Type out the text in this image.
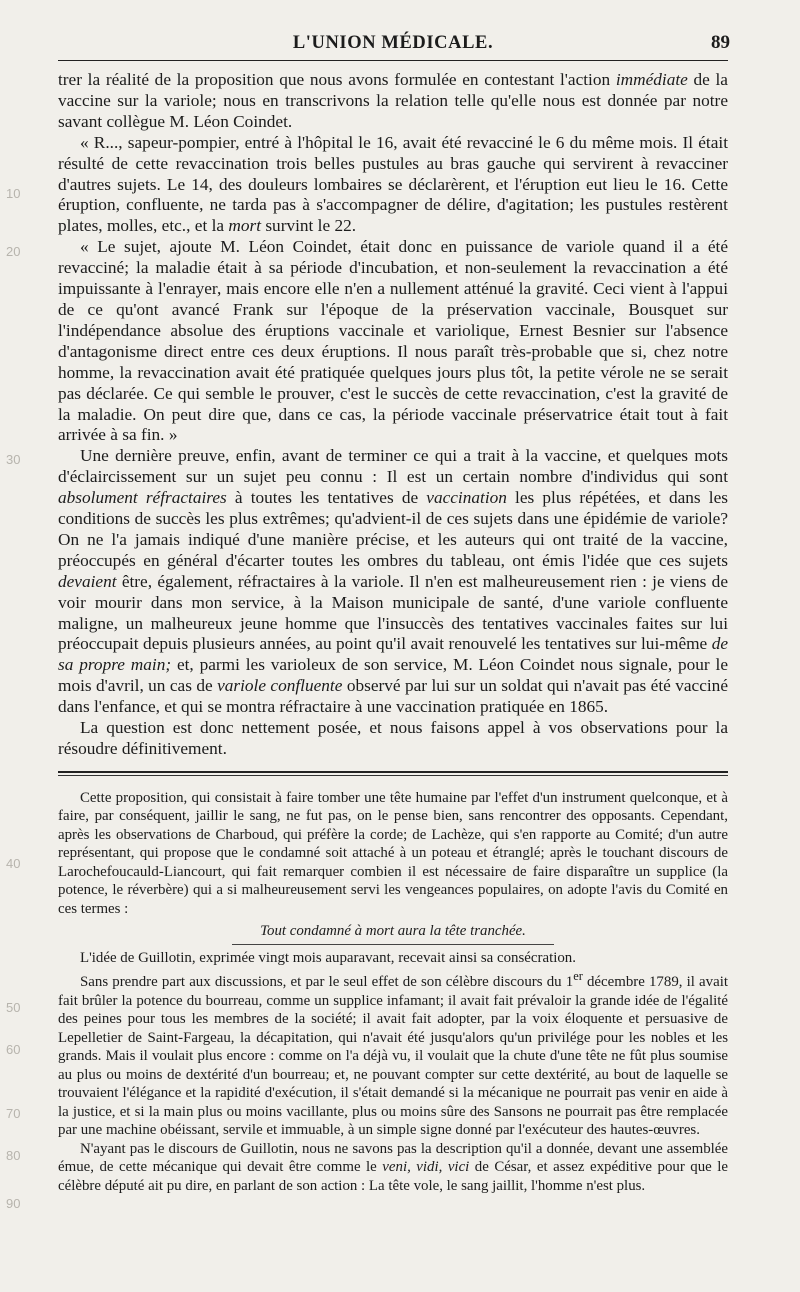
10
20
30
40
50
60
70
80
90
L'UNION MÉDICALE.	89

trer la réalité de la proposition que nous avons formulée en contestant l'action immédiate de la vaccine sur la variole; nous en transcrivons la relation telle qu'elle nous est donnée par notre savant collègue M. Léon Coindet.

« R..., sapeur-pompier, entré à l'hôpital le 16, avait été revacciné le 6 du même mois. Il était résulté de cette revaccination trois belles pustules au bras gauche qui servirent à revacciner d'autres sujets. Le 14, des douleurs lombaires se déclarèrent, et l'éruption eut lieu le 16. Cette éruption, confluente, ne tarda pas à s'accompagner de délire, d'agitation; les pustules restèrent plates, molles, etc., et la mort survint le 22.

« Le sujet, ajoute M. Léon Coindet, était donc en puissance de variole quand il a été revacciné; la maladie était à sa période d'incubation, et non-seulement la revaccination a été impuissante à l'enrayer, mais encore elle n'en a nullement atténué la gravité. Ceci vient à l'appui de ce qu'ont avancé Frank sur l'époque de la préservation vaccinale, Bousquet sur l'indépendance absolue des éruptions vaccinale et variolique, Ernest Besnier sur l'absence d'antagonisme direct entre ces deux éruptions. Il nous paraît très-probable que si, chez notre homme, la revaccination avait été pratiquée quelques jours plus tôt, la petite vérole ne se serait pas déclarée. Ce qui semble le prouver, c'est le succès de cette revaccination, c'est la gravité de la maladie. On peut dire que, dans ce cas, la période vaccinale préservatrice était tout à fait arrivée à sa fin. »

Une dernière preuve, enfin, avant de terminer ce qui a trait à la vaccine, et quelques mots d'éclaircissement sur un sujet peu connu : Il est un certain nombre d'individus qui sont absolument réfractaires à toutes les tentatives de vaccination les plus répétées, et dans les conditions de succès les plus extrêmes; qu'advient-il de ces sujets dans une épidémie de variole? On ne l'a jamais indiqué d'une manière précise, et les auteurs qui ont traité de la vaccine, préoccupés en général d'écarter toutes les ombres du tableau, ont émis l'idée que ces sujets devaient être, également, réfractaires à la variole. Il n'en est malheureusement rien : je viens de voir mourir dans mon service, à la Maison municipale de santé, d'une variole confluente maligne, un malheureux jeune homme que l'insuccès des tentatives vaccinales faites sur lui préoccupait depuis plusieurs années, au point qu'il avait renouvelé les tentatives sur lui-même de sa propre main; et, parmi les varioleux de son service, M. Léon Coindet nous signale, pour le mois d'avril, un cas de variole confluente observé par lui sur un soldat qui n'avait pas été vacciné dans l'enfance, et qui se montra réfractaire à une vaccination pratiquée en 1865.

La question est donc nettement posée, et nous faisons appel à vos observations pour la résoudre définitivement.

Cette proposition, qui consistait à faire tomber une tête humaine par l'effet d'un instrument quelconque, et à faire, par conséquent, jaillir le sang, ne fut pas, on le pense bien, sans rencontrer des opposants. Cependant, après les observations de Charboud, qui préfère la corde; de Lachèze, qui s'en rapporte au Comité; d'un autre représentant, qui propose que le condamné soit attaché à un poteau et étranglé; après le touchant discours de Larochefoucauld-Liancourt, qui fait remarquer combien il est nécessaire de faire disparaître un supplice (la potence, le réverbère) qui a si malheureusement servi les vengeances populaires, on adopte l'avis du Comité en ces termes :

Tout condamné à mort aura la tête tranchée.

L'idée de Guillotin, exprimée vingt mois auparavant, recevait ainsi sa consécration.

Sans prendre part aux discussions, et par le seul effet de son célèbre discours du 1er décembre 1789, il avait fait brûler la potence du bourreau, comme un supplice infamant; il avait fait prévaloir la grande idée de l'égalité des peines pour tous les membres de la société; il avait fait adopter, par la voix éloquente et persuasive de Lepelletier de Saint-Fargeau, la décapitation, qui n'avait été jusqu'alors qu'un privilége pour les nobles et les grands. Mais il voulait plus encore : comme on l'a déjà vu, il voulait que la chute d'une tête ne fût plus soumise au plus ou moins de dextérité d'un bourreau; et, ne pouvant compter sur cette dextérité, au bout de laquelle se trouvaient l'élégance et la rapidité d'exécution, il s'était demandé si la mécanique ne pourrait pas venir en aide à la justice, et si la main plus ou moins vacillante, plus ou moins sûre des Sansons ne pourrait pas être remplacée par une machine obéissant, servile et immuable, à un simple signe donné par l'exécuteur des hautes-œuvres.

N'ayant pas le discours de Guillotin, nous ne savons pas la description qu'il a donnée, devant une assemblée émue, de cette mécanique qui devait être comme le veni, vidi, vici de César, et assez expéditive pour que le célèbre député ait pu dire, en parlant de son action : La tête vole, le sang jaillit, l'homme n'est plus.
